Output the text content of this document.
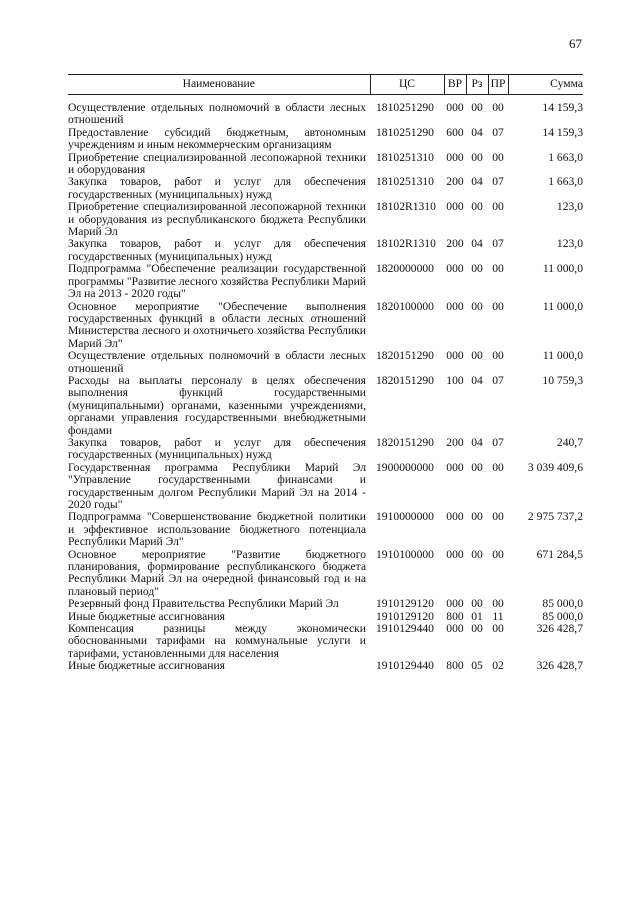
67
Наименование	ЦС	ВР	Рз	ПР	Сумма
Осуществление отдельных полномочий в области лесных отношений	1810251290	000	00	00	14 159,3
Предоставление субсидий бюджетным, автономным учреждениям и иным некоммерческим организациям	1810251290	600	04	07	14 159,3
Приобретение специализированной лесопожарной техники и оборудования	1810251310	000	00	00	1 663,0
Закупка товаров, работ и услуг для обеспечения государственных (муниципальных) нужд	1810251310	200	04	07	1 663,0
Приобретение специализированной лесопожарной техники и оборудования из республиканского бюджета Республики Марий Эл	18102R1310	000	00	00	123,0
Закупка товаров, работ и услуг для обеспечения государственных (муниципальных) нужд	18102R1310	200	04	07	123,0
Подпрограмма "Обеспечение реализации государственной программы "Развитие лесного хозяйства Республики Марий Эл на 2013 - 2020 годы"	1820000000	000	00	00	11 000,0
Основное мероприятие "Обеспечение выполнения государственных функций в области лесных отношений Министерства лесного и охотничьего хозяйства Республики Марий Эл"	1820100000	000	00	00	11 000,0
Осуществление отдельных полномочий в области лесных отношений	1820151290	000	00	00	11 000,0
Расходы на выплаты персоналу в целях обеспечения выполнения функций государственными (муниципальными) органами, казенными учреждениями, органами управления государственными внебюджетными фондами	1820151290	100	04	07	10 759,3
Закупка товаров, работ и услуг для обеспечения государственных (муниципальных) нужд	1820151290	200	04	07	240,7
Государственная программа Республики Марий Эл "Управление государственными финансами и государственным долгом Республики Марий Эл на 2014 - 2020 годы"	1900000000	000	00	00	3 039 409,6
Подпрограмма "Совершенствование бюджетной политики и эффективное использование бюджетного потенциала Республики Марий Эл"	1910000000	000	00	00	2 975 737,2
Основное мероприятие "Развитие бюджетного планирования, формирование республиканского бюджета Республики Марий Эл на очередной финансовый год и на плановый период"	1910100000	000	00	00	671 284,5
Резервный фонд Правительства Республики Марий Эл	1910129120	000	00	00	85 000,0
Иные бюджетные ассигнования	1910129120	800	01	11	85 000,0
Компенсация разницы между экономически обоснованными тарифами на коммунальные услуги и тарифами, установленными для населения	1910129440	000	00	00	326 428,7
Иные бюджетные ассигнования	1910129440	800	05	02	326 428,7
